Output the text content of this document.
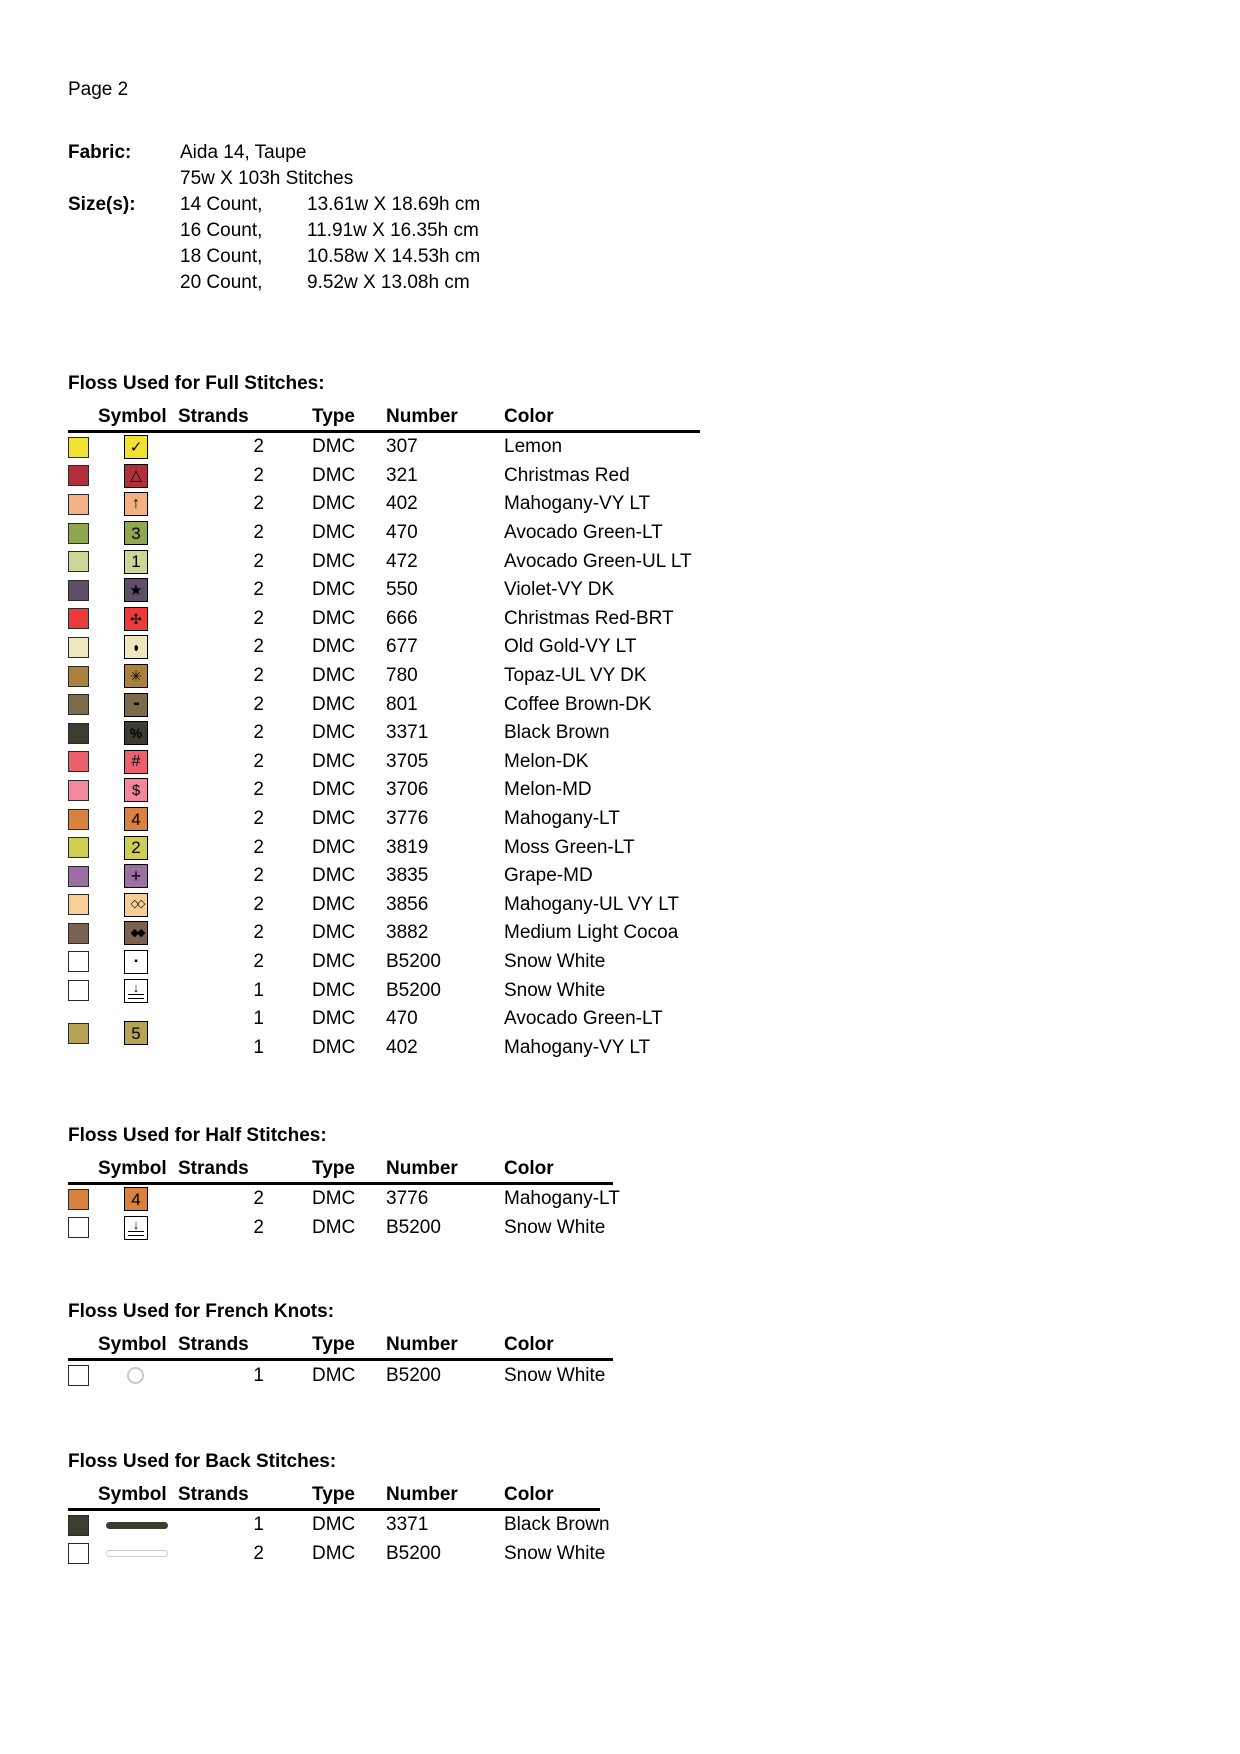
Page 2
Fabric:	Aida 14, Taupe
75w X 103h Stitches
Size(s):	14 Count,	13.61w X 18.69h cm
16 Count,	11.91w X 16.35h cm
18 Count,	10.58w X 14.53h cm
20 Count,	9.52w X 13.08h cm
Floss Used for Full Stitches:
Symbol Strands	Type Number Color
✓	2	DMC	307	Lemon
△	2	DMC	321	Christmas Red
↑	2	DMC	402	Mahogany-VY LT
3	2	DMC	470	Avocado Green-LT
1	2	DMC	472	Avocado Green-UL LT
★	2	DMC	550	Violet-VY DK
✣	2	DMC	666	Christmas Red-BRT
●	2	DMC	677	Old Gold-VY LT
✳	2	DMC	780	Topaz-UL VY DK
▪▪	2	DMC	801	Coffee Brown-DK
%	2	DMC	3371	Black Brown
#	2	DMC	3705	Melon-DK
$	2	DMC	3706	Melon-MD
4	2	DMC	3776	Mahogany-LT
2	2	DMC	3819	Moss Green-LT
+	2	DMC	3835	Grape-MD
◇◇	2	DMC	3856	Mahogany-UL VY LT
◆◆	2	DMC	3882	Medium Light Cocoa
▪	2	DMC	B5200	Snow White
↓	1	DMC	B5200	Snow White
5
1	DMC	470	Avocado Green-LT
1	DMC	402	Mahogany-VY LT
Floss Used for Half Stitches:
Symbol Strands	Type Number Color
4	2	DMC	3776	Mahogany-LT
↓	2	DMC	B5200	Snow White
Floss Used for French Knots:
Symbol Strands	Type Number Color
1	DMC	B5200	Snow White
Floss Used for Back Stitches:
Symbol Strands	Type Number Color
1	DMC	3371	Black Brown
2	DMC	B5200	Snow White
